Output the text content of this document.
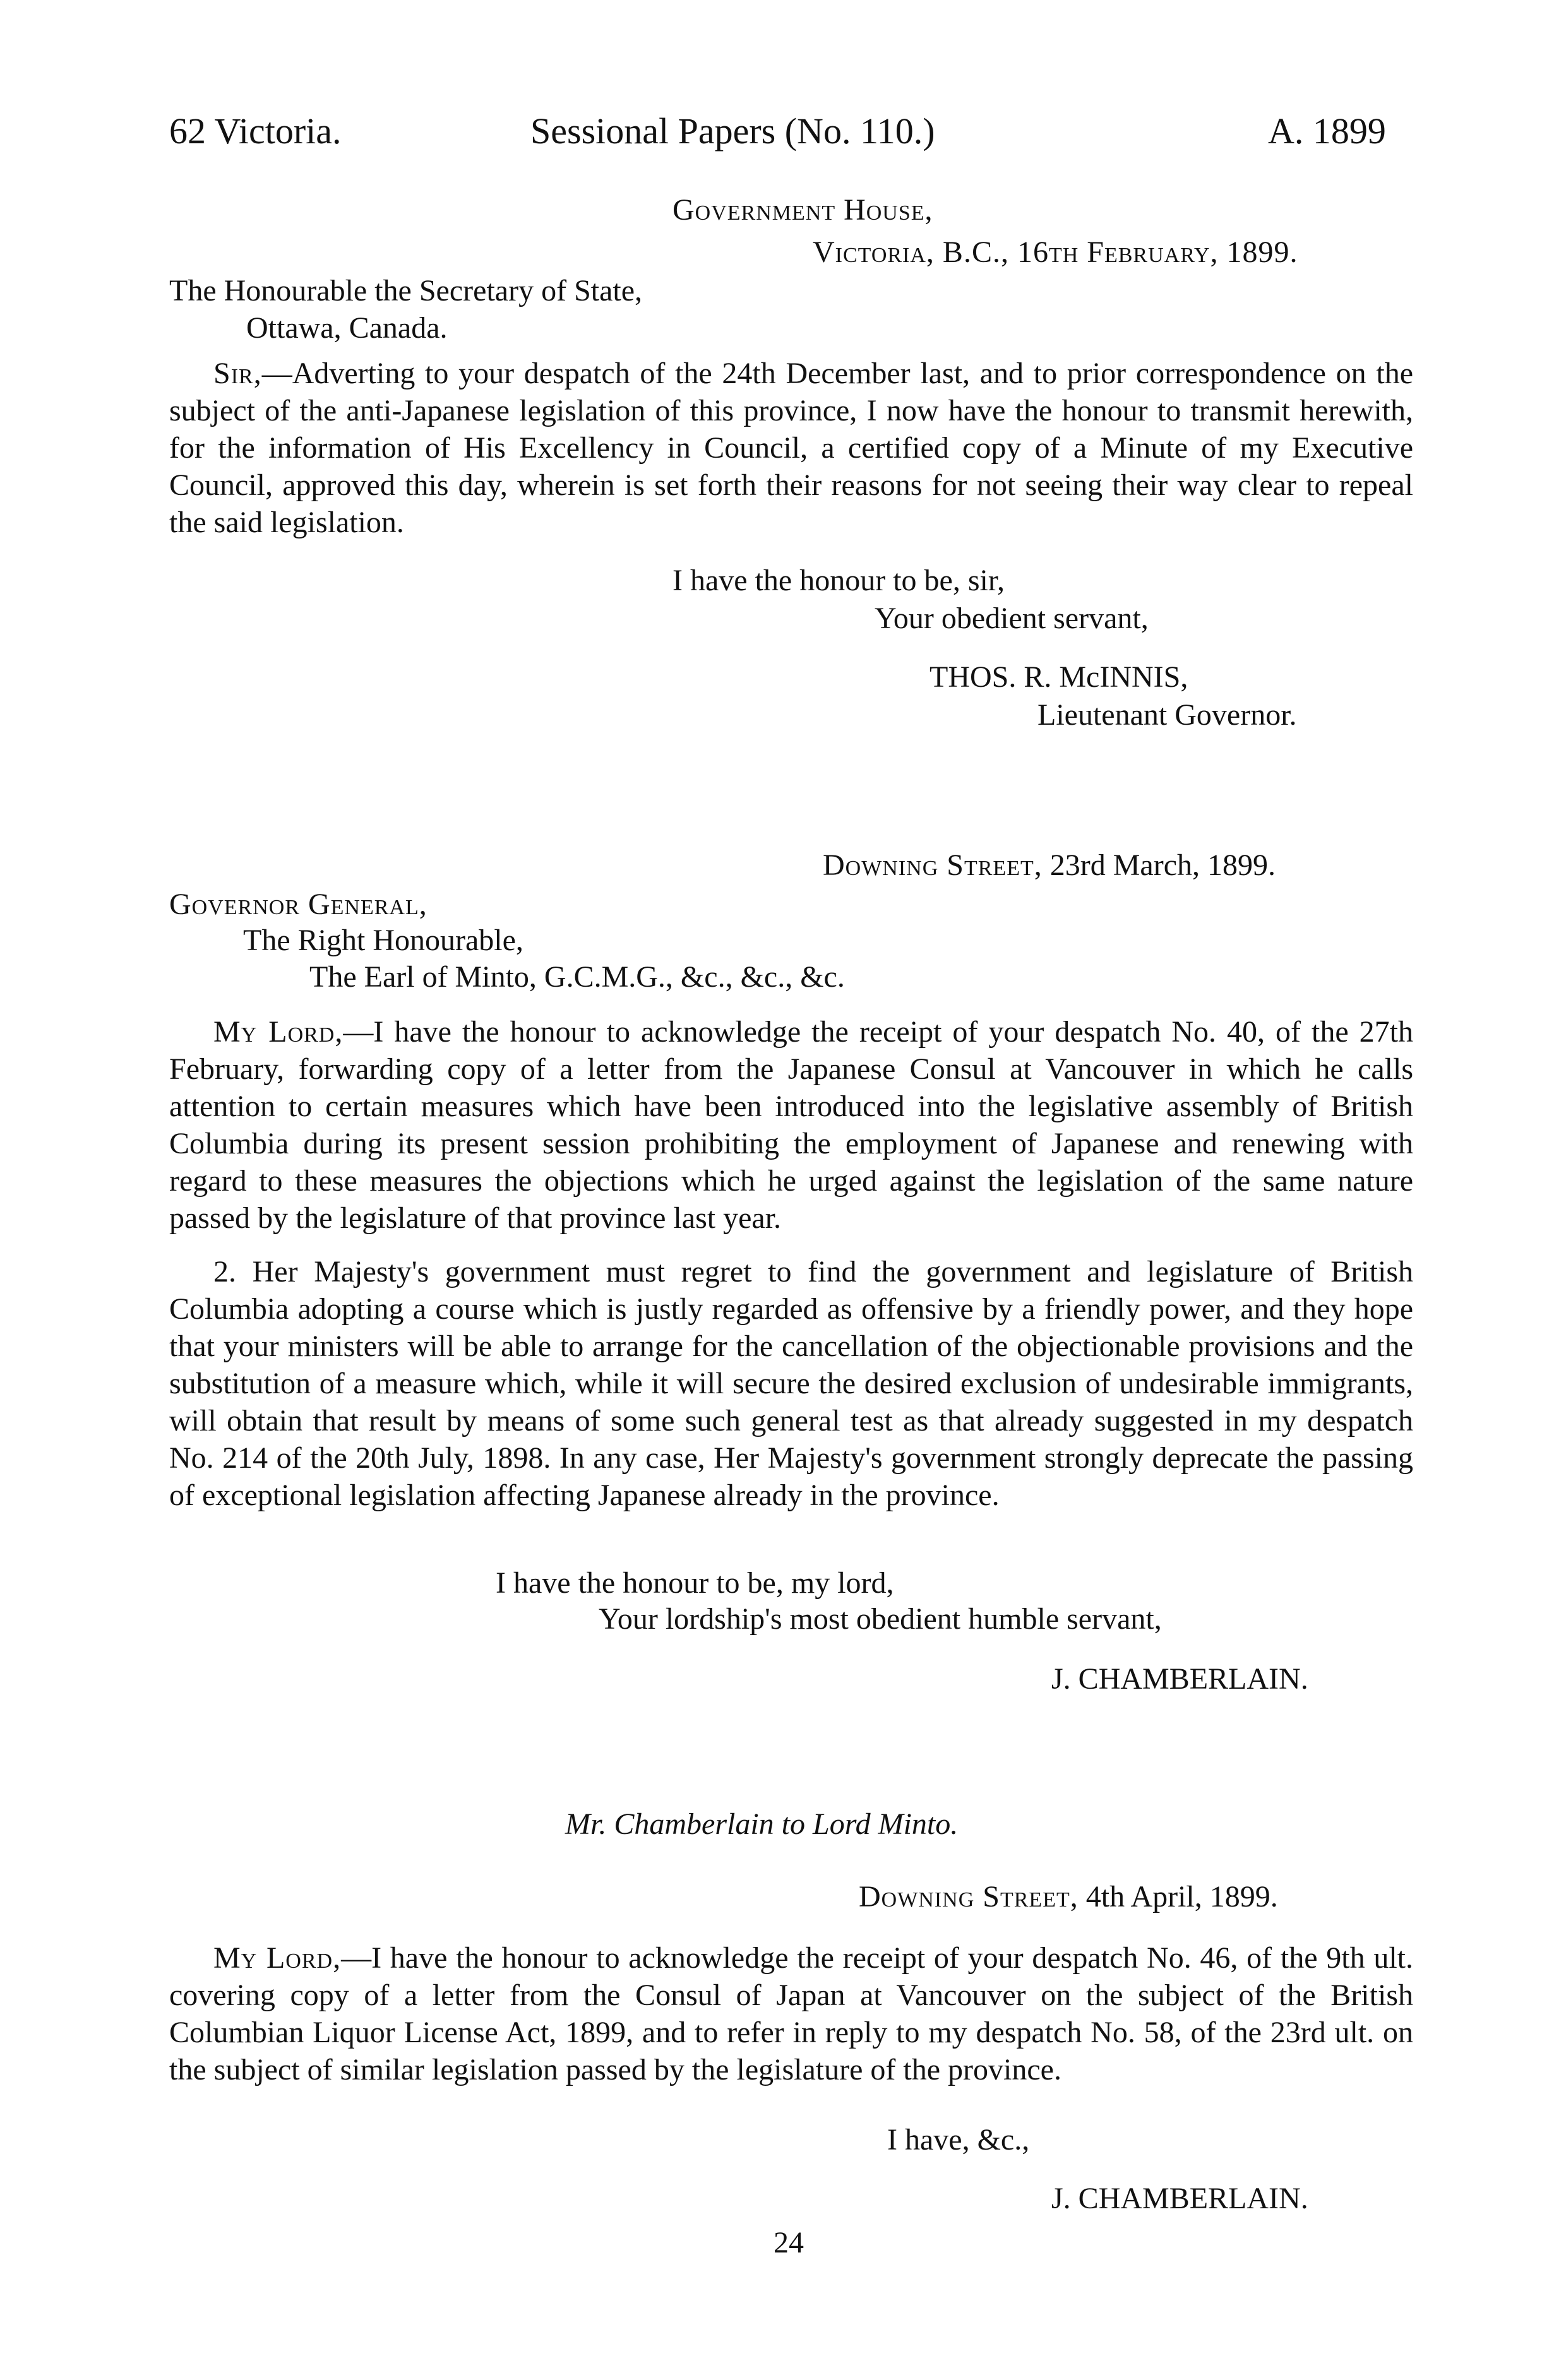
62 Victoria.	Sessional Papers (No. 110.)	A. 1899
Government House,
Victoria, B.C., 16th February, 1899.
The Honourable the Secretary of State,
Ottawa, Canada.
Sir,—Adverting to your despatch of the 24th December last, and to prior correspondence on the subject of the anti-Japanese legislation of this province, I now have the honour to transmit herewith, for the information of His Excellency in Council, a certified copy of a Minute of my Executive Council, approved this day, wherein is set forth their reasons for not seeing their way clear to repeal the said legislation.
I have the honour to be, sir,
Your obedient servant,
THOS. R. McINNIS,
Lieutenant Governor.
Downing Street, 23rd March, 1899.
Governor General,
The Right Honourable,
The Earl of Minto, G.C.M.G., &c., &c., &c.
My Lord,—I have the honour to acknowledge the receipt of your despatch No. 40, of the 27th February, forwarding copy of a letter from the Japanese Consul at Vancouver in which he calls attention to certain measures which have been introduced into the legislative assembly of British Columbia during its present session prohibiting the employment of Japanese and renewing with regard to these measures the objections which he urged against the legislation of the same nature passed by the legislature of that province last year.
2. Her Majesty's government must regret to find the government and legislature of British Columbia adopting a course which is justly regarded as offensive by a friendly power, and they hope that your ministers will be able to arrange for the cancellation of the objectionable provisions and the substitution of a measure which, while it will secure the desired exclusion of undesirable immigrants, will obtain that result by means of some such general test as that already suggested in my despatch No. 214 of the 20th July, 1898. In any case, Her Majesty's government strongly deprecate the passing of exceptional legislation affecting Japanese already in the province.
I have the honour to be, my lord,
Your lordship's most obedient humble servant,
J. CHAMBERLAIN.
Mr. Chamberlain to Lord Minto.
Downing Street, 4th April, 1899.
My Lord,—I have the honour to acknowledge the receipt of your despatch No. 46, of the 9th ult. covering copy of a letter from the Consul of Japan at Vancouver on the subject of the British Columbian Liquor License Act, 1899, and to refer in reply to my despatch No. 58, of the 23rd ult. on the subject of similar legislation passed by the legislature of the province.
I have, &c.,
J. CHAMBERLAIN.
24
